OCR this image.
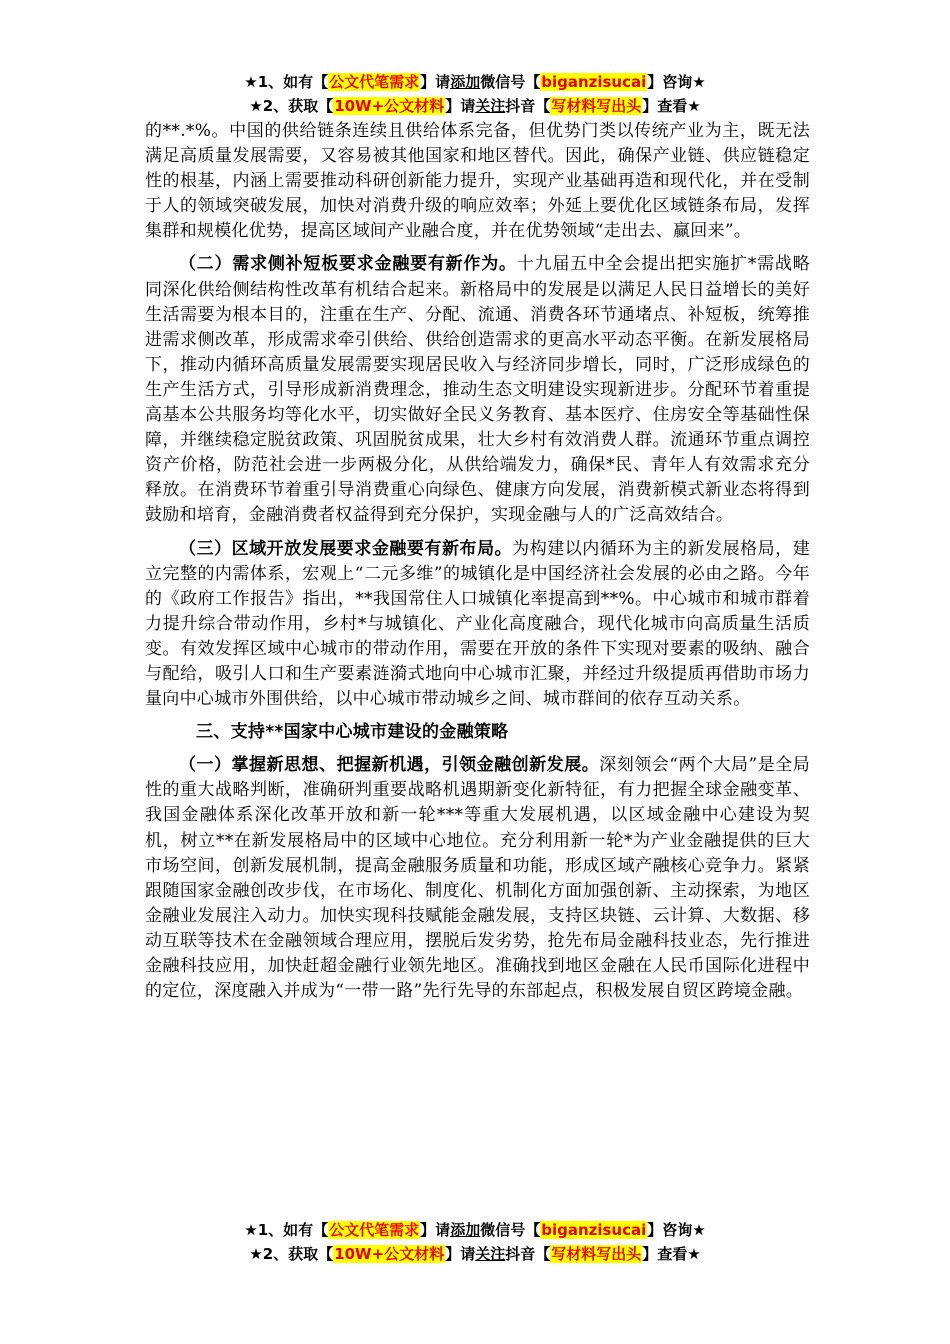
★1、如有【公文代笔需求】请添加微信号【biganzisucai】咨询★
★2、获取【10W+公文材料】请关注抖音【写材料写出头】查看★

的**.*%。中国的供给链条连续且供给体系完备，但优势门类以传统产业为主，既无法满足高质量发展需要，又容易被其他国家和地区替代。因此，确保产业链、供应链稳定性的根基，内涵上需要推动科研创新能力提升，实现产业基础再造和现代化，并在受制于人的领域突破发展，加快对消费升级的响应效率；外延上要优化区域链条布局，发挥集群和规模化优势，提高区域间产业融合度，并在优势领域“走出去、赢回来”。

（二）需求侧补短板要求金融要有新作为。十九届五中全会提出把实施扩*需战略同深化供给侧结构性改革有机结合起来。新格局中的发展是以满足人民日益增长的美好生活需要为根本目的，注重在生产、分配、流通、消费各环节通堵点、补短板，统筹推进需求侧改革，形成需求牵引供给、供给创造需求的更高水平动态平衡。在新发展格局下，推动内循环高质量发展需要实现居民收入与经济同步增长，同时，广泛形成绿色的生产生活方式，引导形成新消费理念，推动生态文明建设实现新进步。分配环节着重提高基本公共服务均等化水平，切实做好全民义务教育、基本医疗、住房安全等基础性保障，并继续稳定脱贫政策、巩固脱贫成果，壮大乡村有效消费人群。流通环节重点调控资产价格，防范社会进一步两极分化，从供给端发力，确保*民、青年人有效需求充分释放。在消费环节着重引导消费重心向绿色、健康方向发展，消费新模式新业态将得到鼓励和培育，金融消费者权益得到充分保护，实现金融与人的广泛高效结合。

（三）区域开放发展要求金融要有新布局。为构建以内循环为主的新发展格局，建立完整的内需体系，宏观上“二元多维”的城镇化是中国经济社会发展的必由之路。今年的《政府工作报告》指出，**我国常住人口城镇化率提高到**%。中心城市和城市群着力提升综合带动作用，乡村*与城镇化、产业化高度融合，现代化城市向高质量生活质变。有效发挥区域中心城市的带动作用，需要在开放的条件下实现对要素的吸纳、融合与配给，吸引人口和生产要素涟漪式地向中心城市汇聚，并经过升级提质再借助市场力量向中心城市外围供给，以中心城市带动城乡之间、城市群间的依存互动关系。

三、支持**国家中心城市建设的金融策略

（一）掌握新思想、把握新机遇，引领金融创新发展。深刻领会“两个大局”是全局性的重大战略判断，准确研判重要战略机遇期新变化新特征，有力把握全球金融变革、我国金融体系深化改革开放和新一轮***等重大发展机遇，以区域金融中心建设为契机，树立**在新发展格局中的区域中心地位。充分利用新一轮*为产业金融提供的巨大市场空间，创新发展机制，提高金融服务质量和功能，形成区域产融核心竞争力。紧紧跟随国家金融创改步伐，在市场化、制度化、机制化方面加强创新、主动探索，为地区金融业发展注入动力。加快实现科技赋能金融发展，支持区块链、云计算、大数据、移动互联等技术在金融领域合理应用，摆脱后发劣势，抢先布局金融科技业态，先行推进金融科技应用，加快赶超金融行业领先地区。准确找到地区金融在人民币国际化进程中的定位，深度融入并成为“一带一路”先行先导的东部起点，积极发展自贸区跨境金融。

★1、如有【公文代笔需求】请添加微信号【biganzisucai】咨询★
★2、获取【10W+公文材料】请关注抖音【写材料写出头】查看★
